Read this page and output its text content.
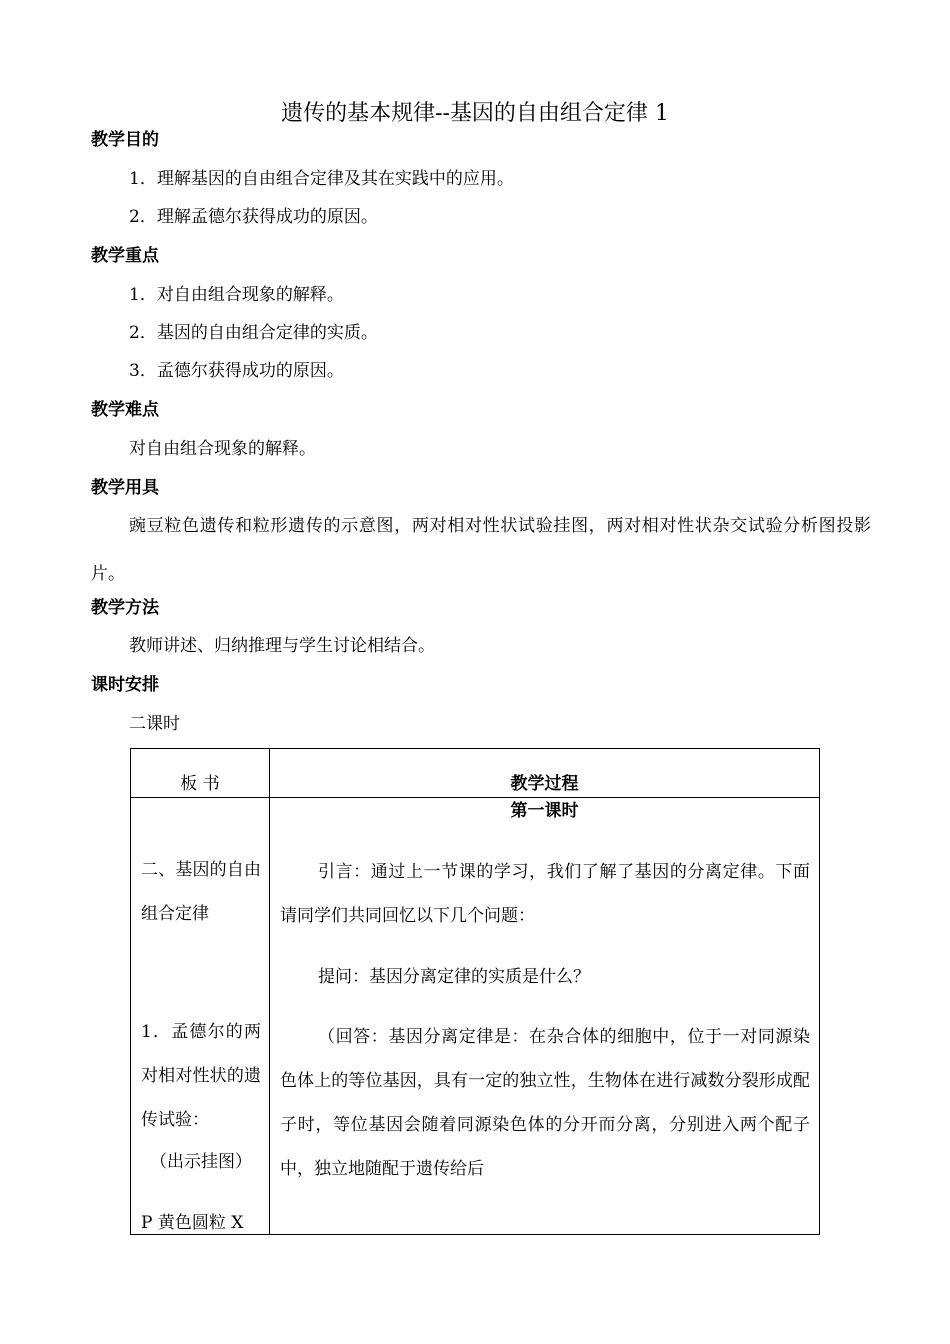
遗传的基本规律--基因的自由组合定律 1
教学目的
1．理解基因的自由组合定律及其在实践中的应用。
2．理解孟德尔获得成功的原因。
教学重点
1．对自由组合现象的解释。
2．基因的自由组合定律的实质。
3．孟德尔获得成功的原因。
教学难点
对自由组合现象的解释。
教学用具
豌豆粒色遗传和粒形遗传的示意图，两对相对性状试验挂图，两对相对性状杂交试验分析图投影片。
教学方法
教师讲述、归纳推理与学生讨论相结合。
课时安排
二课时
板 书	教学过程
第一课时
二、基因的自由组合定律
1．孟德尔的两对相对性状的遗传试验：
（出示挂图）
P 黄色圆粒 X
引言：通过上一节课的学习，我们了解了基因的分离定律。下面请同学们共同回忆以下几个问题：
提问：基因分离定律的实质是什么？
（回答：基因分离定律是：在杂合体的细胞中，位于一对同源染色体上的等位基因，具有一定的独立性，生物体在进行减数分裂形成配子时，等位基因会随着同源染色体的分开而分离，分别进入两个配子中，独立地随配于遗传给后
